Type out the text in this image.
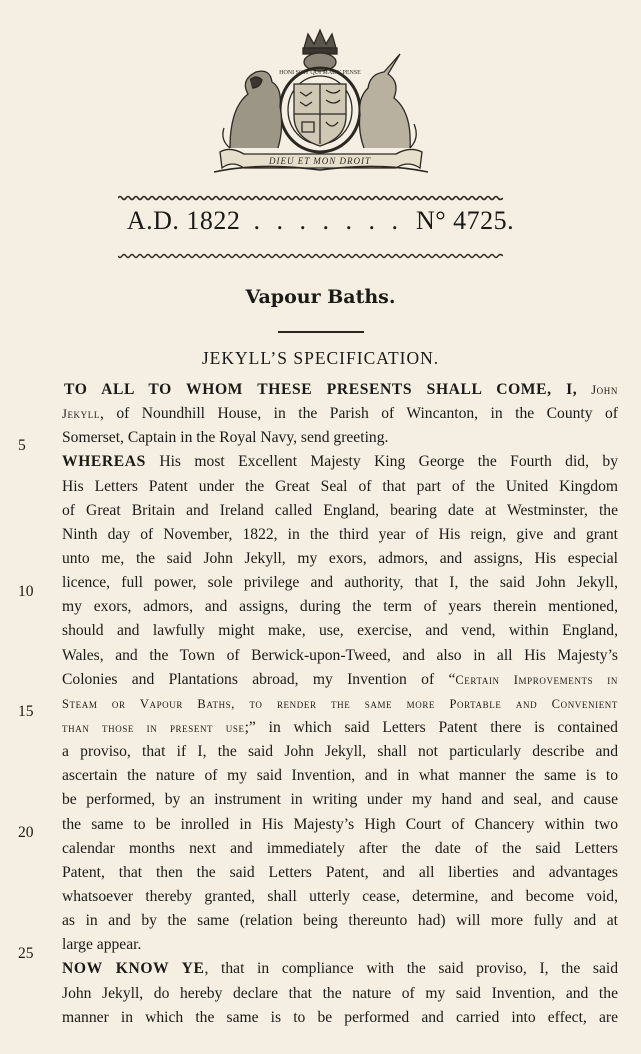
HONI SOIT QUI MAL Y PENSE
DIEU ET MON DROIT
A.D. 1822 . . . . . . . N° 4725.
Vapour Baths.
JEKYLL’S SPECIFICATION.
5
10
15
20
25
TO ALL TO WHOM THESE PRESENTS SHALL COME, I, John
Jekyll, of Noundhill House, in the Parish of Wincanton, in the County of
Somerset, Captain in the Royal Navy, send greeting.
WHEREAS His most Excellent Majesty King George the Fourth did, by
His Letters Patent under the Great Seal of that part of the United Kingdom
of Great Britain and Ireland called England, bearing date at Westminster, the
Ninth day of November, 1822, in the third year of His reign, give and grant
unto me, the said John Jekyll, my exors, admors, and assigns, His especial
licence, full power, sole privilege and authority, that I, the said John Jekyll,
my exors, admors, and assigns, during the term of years therein mentioned,
should and lawfully might make, use, exercise, and vend, within England,
Wales, and the Town of Berwick-upon-Tweed, and also in all His Majesty’s
Colonies and Plantations abroad, my Invention of “Certain Improvements in
Steam or Vapour Baths, to render the same more Portable and Convenient
than those in present use;” in which said Letters Patent there is contained
a proviso, that if I, the said John Jekyll, shall not particularly describe and
ascertain the nature of my said Invention, and in what manner the same is to
be performed, by an instrument in writing under my hand and seal, and cause
the same to be inrolled in His Majesty’s High Court of Chancery within two
calendar months next and immediately after the date of the said Letters
Patent, that then the said Letters Patent, and all liberties and advantages
whatsoever thereby granted, shall utterly cease, determine, and become void,
as in and by the same (relation being thereunto had) will more fully and at
large appear.
NOW KNOW YE, that in compliance with the said proviso, I, the said
John Jekyll, do hereby declare that the nature of my said Invention, and the
manner in which the same is to be performed and carried into effect, are
